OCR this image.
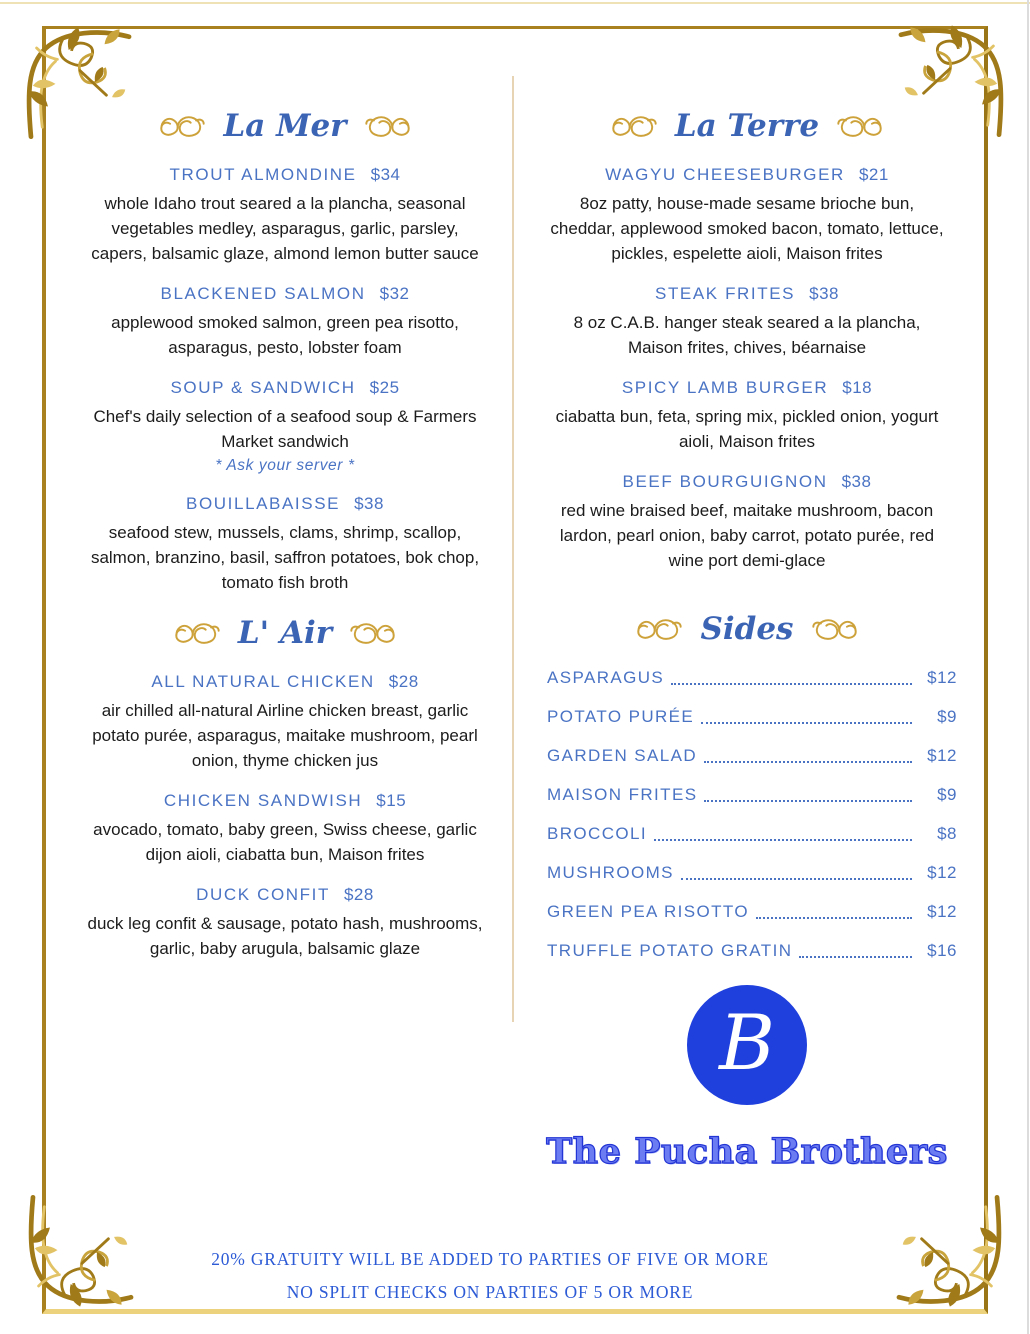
La Mer
TROUT ALMONDINE $34

whole Idaho trout seared a la plancha, seasonal vegetables medley, asparagus, garlic, parsley, capers, balsamic glaze, almond lemon butter sauce

BLACKENED SALMON $32

applewood smoked salmon, green pea risotto, asparagus, pesto, lobster foam

SOUP & SANDWICH $25

Chef's daily selection of a seafood soup & Farmers Market sandwich

* Ask your server *
BOUILLABAISSE $38

seafood stew, mussels, clams, shrimp, scallop, salmon, branzino, basil, saffron potatoes, bok chop, tomato fish broth

L' Air
ALL NATURAL CHICKEN $28

air chilled all-natural Airline chicken breast, garlic potato purée, asparagus, maitake mushroom, pearl onion, thyme chicken jus

CHICKEN SANDWISH $15

avocado, tomato, baby green, Swiss cheese, garlic dijon aioli, ciabatta bun, Maison frites

DUCK CONFIT $28

duck leg confit & sausage, potato hash, mushrooms, garlic, baby arugula, balsamic glaze

La Terre
WAGYU CHEESEBURGER $21

8oz patty, house-made sesame brioche bun, cheddar, applewood smoked bacon, tomato, lettuce, pickles, espelette aioli, Maison frites

STEAK FRITES $38

8 oz C.A.B. hanger steak seared a la plancha, Maison frites, chives, béarnaise

SPICY LAMB BURGER $18

ciabatta bun, feta, spring mix, pickled onion, yogurt aioli, Maison frites

BEEF BOURGUIGNON $38

red wine braised beef, maitake mushroom, bacon lardon, pearl onion, baby carrot, potato purée, red wine port demi-glace

Sides
ASPARAGUS	$12
POTATO PURÉE	$9
GARDEN SALAD	$12
MAISON FRITES	$9
BROCCOLI	$8
MUSHROOMS	$12
GREEN PEA RISOTTO	$12
TRUFFLE POTATO GRATIN	$16
B
The Pucha Brothers
20% GRATUITY WILL BE ADDED TO PARTIES OF FIVE OR MORE
NO SPLIT CHECKS ON PARTIES OF 5 OR MORE
